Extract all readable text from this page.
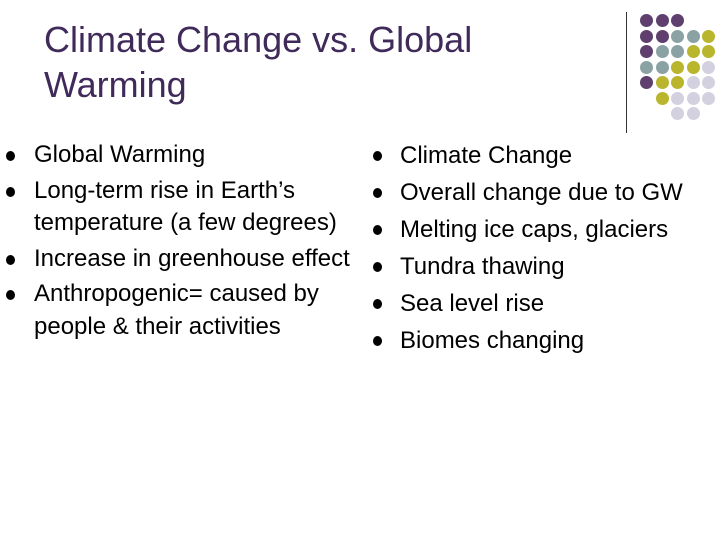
Climate Change vs. Global Warming
Global Warming
Long-term rise in Earth’s temperature (a few degrees)
Increase in greenhouse effect
Anthropogenic= caused by people & their activities
Climate Change
Overall change due to GW
Melting ice caps, glaciers
Tundra thawing
Sea level rise
Biomes changing
